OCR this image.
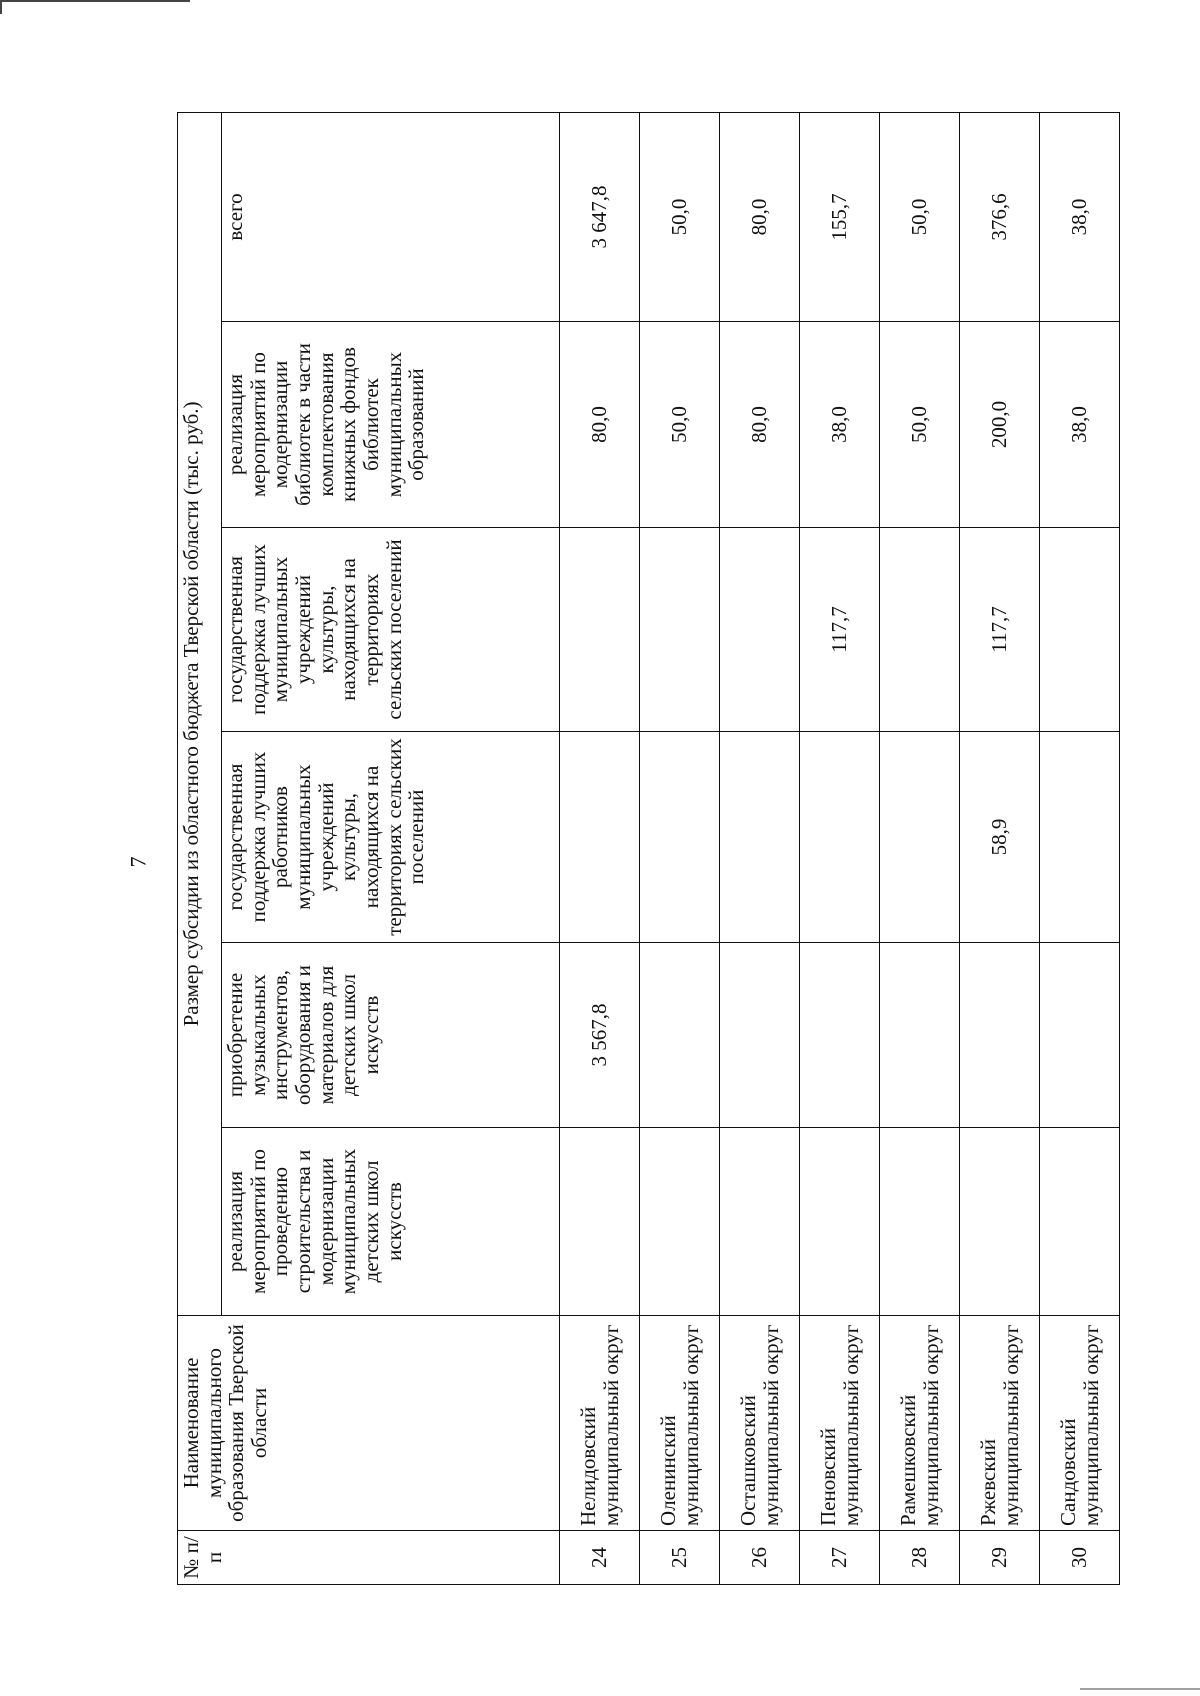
7
№ п/п	Наименование муниципального образования Тверской области	Размер субсидии из областного бюджета Тверской области (тыс. руб.)					
		реализация мероприятий по проведению строительства и модернизации муниципальных детских школ искусств	приобретение музыкальных инструментов, оборудования и материалов для детских школ искусств	государственная поддержка лучших работников муниципальных учреждений культуры, находящихся на территориях сельских поселений	государственная поддержка лучших муниципальных учреждений культуры, находящихся на территориях сельских поселений	реализация мероприятий по модернизации библиотек в части комплектования книжных фондов библиотек муниципальных образований	всего
24	Нелидовский муниципальный округ		3 567,8			80,0	3 647,8
25	Оленинский муниципальный округ					50,0	50,0
26	Осташковский муниципальный округ					80,0	80,0
27	Пеновский муниципальный округ				117,7	38,0	155,7
28	Рамешковский муниципальный округ					50,0	50,0
29	Ржевский муниципальный округ			58,9	117,7	200,0	376,6
30	Сандовский муниципальный округ					38,0	38,0
